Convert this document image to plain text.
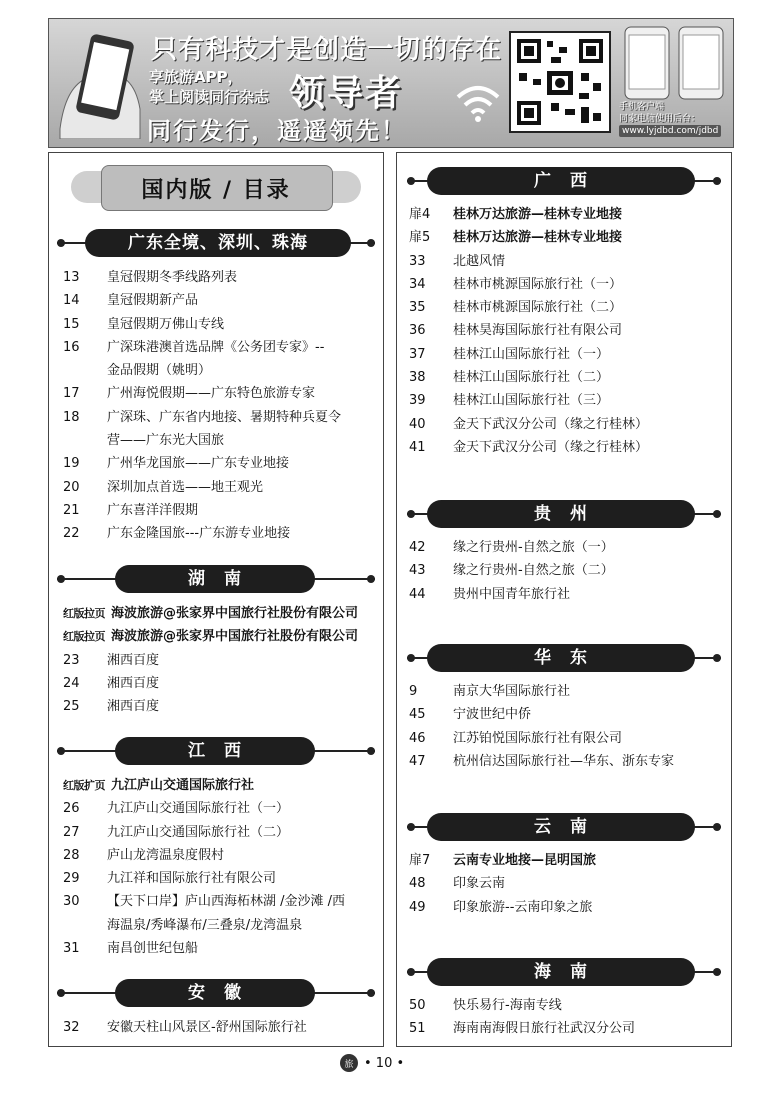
只有科技才是创造一切的存在
享旅游APP，
掌上阅读同行杂志 领导者
同行发行，遥遥领先！
手机客户端
同家电脑使用后台：
www.lyjdbd.com/jdbd
国内版 / 目录
广东全境、深圳、珠海
13	皇冠假期冬季线路列表
14	皇冠假期新产品
15	皇冠假期万佛山专线
16	广深珠港澳首选品牌《公务团专家》--
金品假期（姚明）
17	广州海悦假期——广东特色旅游专家
18	广深珠、广东省内地接、暑期特种兵夏令
营——广东光大国旅
19	广州华龙国旅——广东专业地接
20	深圳加点首选——地王观光
21	广东喜洋洋假期
22	广东金隆国旅---广东游专业地接
湖　南
红版拉页 海波旅游@张家界中国旅行社股份有限公司
红版拉页 海波旅游@张家界中国旅行社股份有限公司
23	湘西百度
24	湘西百度
25	湘西百度
江　西
红版扩页 九江庐山交通国际旅行社
26	九江庐山交通国际旅行社（一）
27	九江庐山交通国际旅行社（二）
28	庐山龙湾温泉度假村
29	九江祥和国际旅行社有限公司
30	【天下口岸】庐山西海柘林湖 /金沙滩 /西
海温泉/秀峰瀑布/三叠泉/龙湾温泉
31	南昌创世纪包船
安　徽
32	安徽天柱山风景区-舒州国际旅行社
广　西
扉4	桂林万达旅游—桂林专业地接
扉5	桂林万达旅游—桂林专业地接
33	北越风情
34	桂林市桃源国际旅行社（一）
35	桂林市桃源国际旅行社（二）
36	桂林昊海国际旅行社有限公司
37	桂林江山国际旅行社（一）
38	桂林江山国际旅行社（二）
39	桂林江山国际旅行社（三）
40	金天下武汉分公司（缘之行桂林）
41	金天下武汉分公司（缘之行桂林）
贵　州
42	缘之行贵州-自然之旅（一）
43	缘之行贵州-自然之旅（二）
44	贵州中国青年旅行社
华　东
9	南京大华国际旅行社
45	宁波世纪中侨
46	江苏铂悦国际旅行社有限公司
47	杭州信达国际旅行社—华东、浙东专家
云　南
扉7	云南专业地接—昆明国旅
48	印象云南
49	印象旅游--云南印象之旅
海　南
50	快乐易行-海南专线
51	海南南海假日旅行社武汉分公司
旅 • 10 •
